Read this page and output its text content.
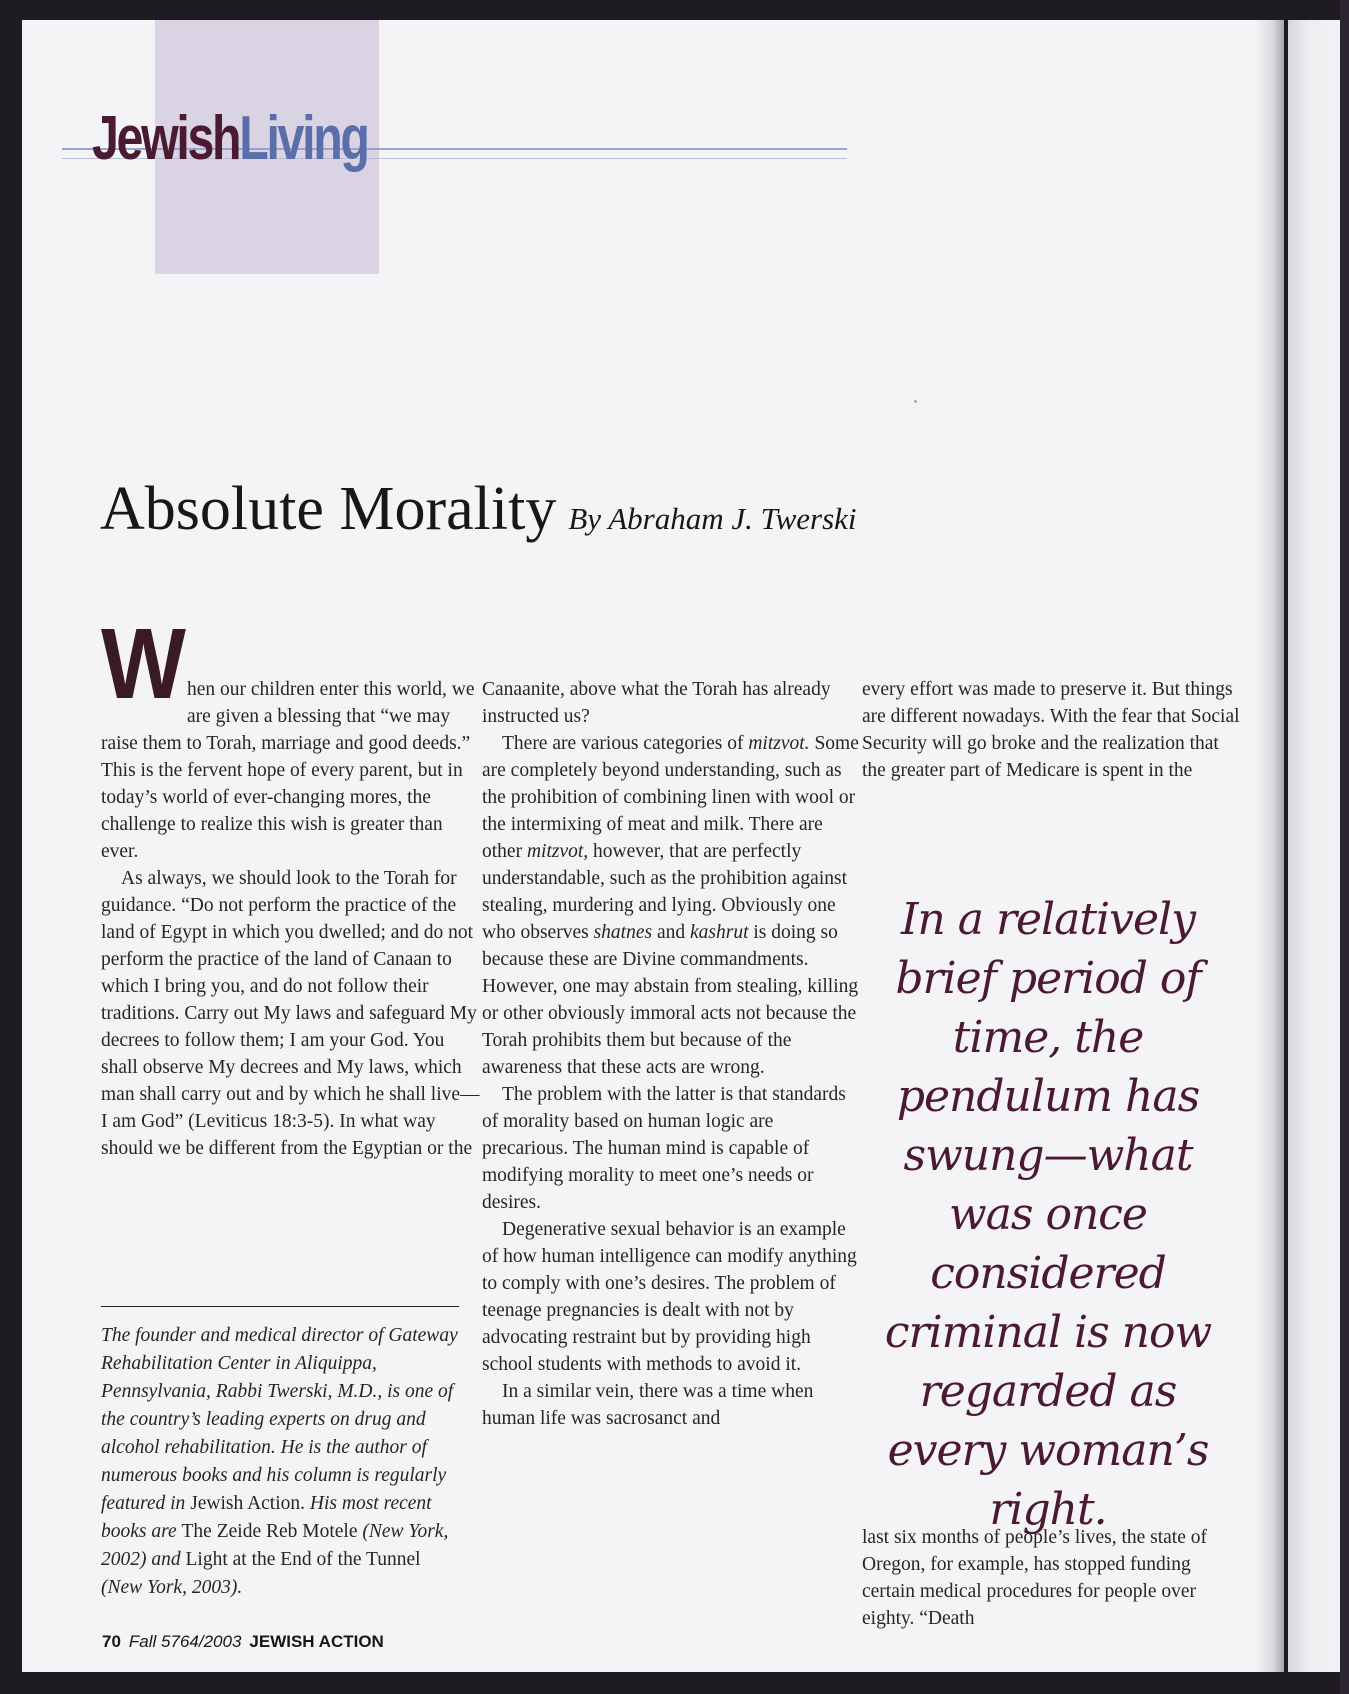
JewishLiving
Absolute Morality By Abraham J. Twerski
W hen our children enter this world, we are given a blessing that “we may raise them to Torah, marriage and good deeds.” This is the fervent hope of every parent, but in today’s world of ever-changing mores, the challenge to realize this wish is greater than ever.

As always, we should look to the Torah for guidance. “Do not perform the practice of the land of Egypt in which you dwelled; and do not perform the practice of the land of Canaan to which I bring you, and do not follow their traditions. Carry out My laws and safeguard My decrees to follow them; I am your God. You shall observe My decrees and My laws, which man shall carry out and by which he shall live—I am God” (Leviticus 18:3-5). In what way should we be different from the Egyptian or the

The founder and medical director of Gateway Rehabilitation Center in Aliquippa, Pennsylvania, Rabbi Twerski, M.D., is one of the country’s leading experts on drug and alcohol rehabilitation. He is the author of numerous books and his column is regularly featured in Jewish Action. His most recent books are The Zeide Reb Motele (New York, 2002) and Light at the End of the Tunnel (New York, 2003).

Canaanite, above what the Torah has already instructed us?

There are various categories of mitzvot. Some are completely beyond understanding, such as the prohibition of combining linen with wool or the intermixing of meat and milk. There are other mitzvot, however, that are perfectly understandable, such as the prohibition against stealing, murdering and lying. Obviously one who observes shatnes and kashrut is doing so because these are Divine commandments. However, one may abstain from stealing, killing or other obviously immoral acts not because the Torah prohibits them but because of the awareness that these acts are wrong.

The problem with the latter is that standards of morality based on human logic are precarious. The human mind is capable of modifying morality to meet one’s needs or desires.

Degenerative sexual behavior is an example of how human intelligence can modify anything to comply with one’s desires. The problem of teenage pregnancies is dealt with not by advocating restraint but by providing high school students with methods to avoid it.

In a similar vein, there was a time when human life was sacrosanct and

every effort was made to preserve it. But things are different nowadays. With the fear that Social Security will go broke and the realization that the greater part of Medicare is spent in the

In a relatively brief period of time, the pendulum has swung—what was once considered criminal is now regarded as every woman’s right.

last six months of people’s lives, the state of Oregon, for example, has stopped funding certain medical procedures for people over eighty. “Death

70 Fall 5764/2003 JEWISH ACTION
